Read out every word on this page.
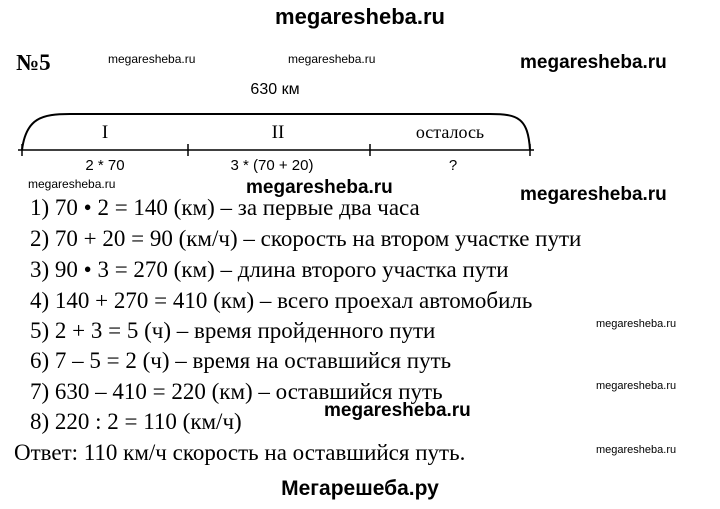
megaresheba.ru
№5	megaresheba.ru	megaresheba.ru	megaresheba.ru
megaresheba.ru	megaresheba.ru	megaresheba.ru
megaresheba.ru
megaresheba.ru
megaresheba.ru
megaresheba.ru
630 км
I	II	осталось
2 * 70	3 * (70 + 20)	?
1) 70 • 2 = 140 (км) – за первые два часа
2) 70 + 20 = 90 (км/ч) – скорость на втором участке пути
3) 90 • 3 = 270 (км) – длина второго участка пути
4) 140 + 270 = 410 (км) – всего проехал автомобиль
5) 2 + 3 = 5 (ч) – время пройденного пути
6) 7 – 5 = 2 (ч) – время на оставшийся путь
7) 630 – 410 = 220 (км) – оставшийся путь
8) 220 : 2 = 110 (км/ч)
Ответ: 110 км/ч скорость на оставшийся путь.
Мегарешеба.ру
